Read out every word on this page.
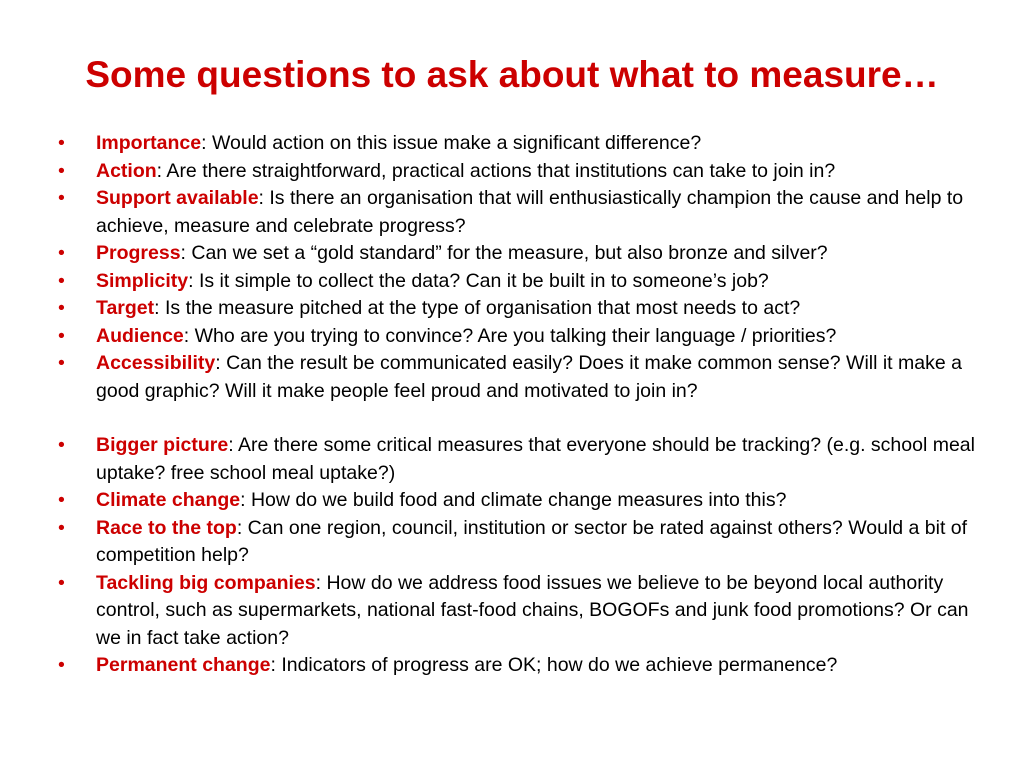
Some questions to ask about what to measure…
• Importance: Would action on this issue make a significant difference?
• Action: Are there straightforward, practical actions that institutions can take to join in?
• Support available: Is there an organisation that will enthusiastically champion the cause and help to achieve, measure and celebrate progress?
• Progress: Can we set a “gold standard” for the measure, but also bronze and silver?
• Simplicity: Is it simple to collect the data? Can it be built in to someone’s job?
• Target: Is the measure pitched at the type of organisation that most needs to act?
• Audience: Who are you trying to convince? Are you talking their language / priorities?
• Accessibility: Can the result be communicated easily? Does it make common sense? Will it make a good graphic? Will it make people feel proud and motivated to join in?
• Bigger picture: Are there some critical measures that everyone should be tracking? (e.g. school meal uptake? free school meal uptake?)
• Climate change: How do we build food and climate change measures into this?
• Race to the top: Can one region, council, institution or sector be rated against others? Would a bit of competition help?
• Tackling big companies: How do we address food issues we believe to be beyond local authority control, such as supermarkets, national fast-food chains, BOGOFs and junk food promotions? Or can we in fact take action?
• Permanent change: Indicators of progress are OK; how do we achieve permanence?
